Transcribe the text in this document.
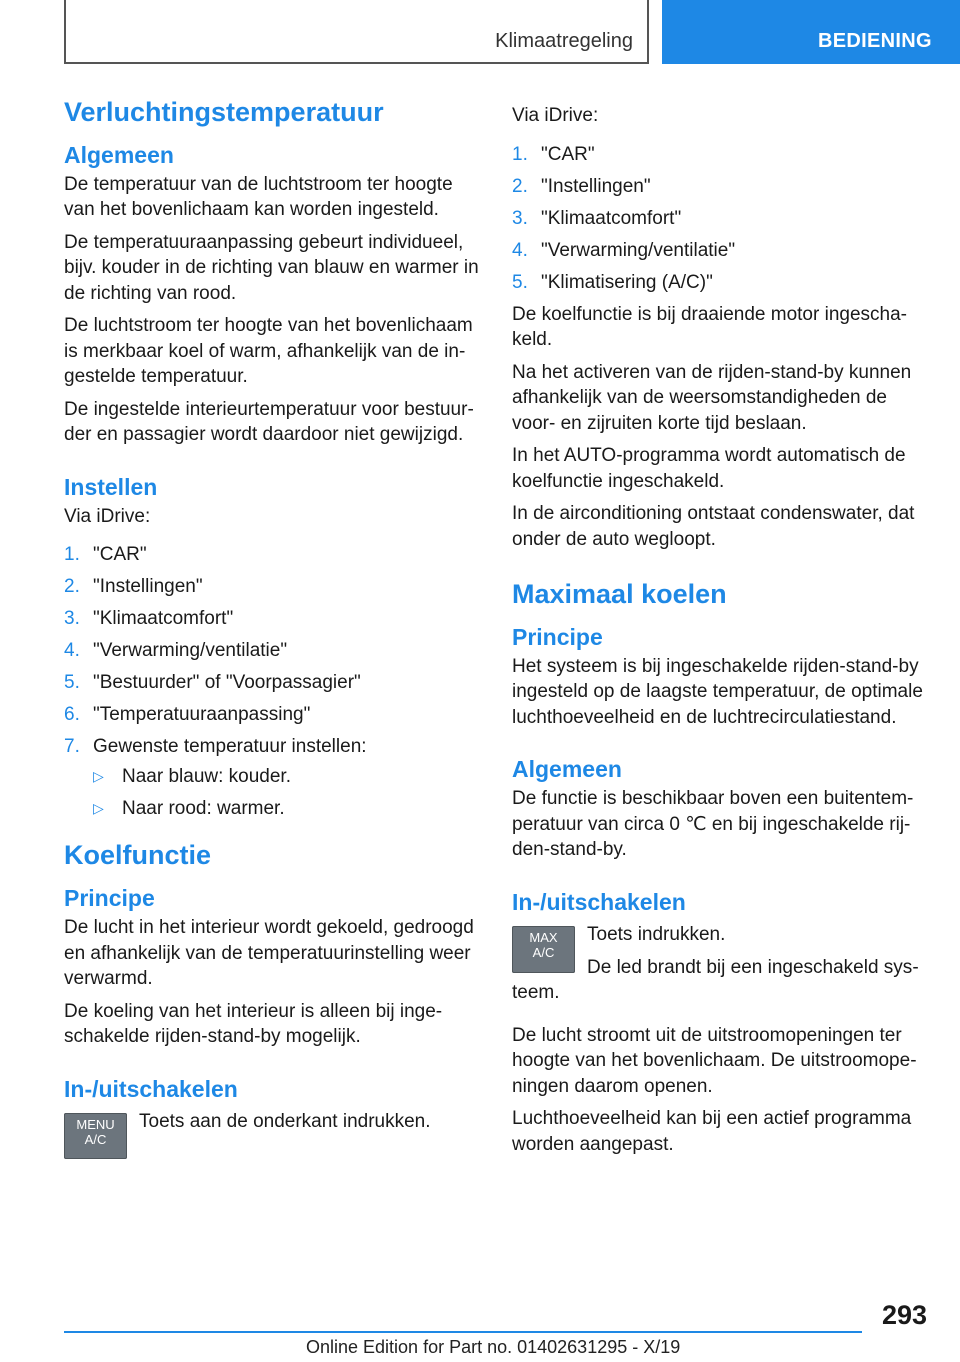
Klimaatregeling	BEDIENING
Verluchtingstemperatuur
Algemeen

De temperatuur van de luchtstroom ter hoogte van het bovenlichaam kan worden ingesteld.

De temperatuuraanpassing gebeurt individueel, bijv. kouder in de richting van blauw en warmer in de richting van rood.

De luchtstroom ter hoogte van het bovenlichaam is merkbaar koel of warm, afhankelijk van de ingestelde temperatuur.

De ingestelde interieurtemperatuur voor bestuurder en passagier wordt daardoor niet gewijzigd.

Instellen

Via iDrive:

1. "CAR"
2. "Instellingen"
3. "Klimaatcomfort"
4. "Verwarming/ventilatie"
5. "Bestuurder" of "Voorpassagier"
6. "Temperatuuraanpassing"
7. Gewenste temperatuur instellen:
▷ Naar blauw: kouder.
▷ Naar rood: warmer.
Koelfunctie
Principe

De lucht in het interieur wordt gekoeld, gedroogd en afhankelijk van de temperatuurinstelling weer verwarmd.

De koeling van het interieur is alleen bij ingeschakelde rijden-stand-by mogelijk.

In-/uitschakelen
MENU
A/C

Toets aan de onderkant indrukken.

Via iDrive:

1. "CAR"
2. "Instellingen"
3. "Klimaatcomfort"
4. "Verwarming/ventilatie"
5. "Klimatisering (A/C)"

De koelfunctie is bij draaiende motor ingeschakeld.

Na het activeren van de rijden-stand-by kunnen afhankelijk van de weersomstandigheden de voor- en zijruiten korte tijd beslaan.

In het AUTO-programma wordt automatisch de koelfunctie ingeschakeld.

In de airconditioning ontstaat condenswater, dat onder de auto wegloopt.

Maximaal koelen
Principe

Het systeem is bij ingeschakelde rijden-stand-by ingesteld op de laagste temperatuur, de optimale luchthoeveelheid en de luchtrecirculatiestand.

Algemeen

De functie is beschikbaar boven een buitentemperatuur van circa 0 ℃ en bij ingeschakelde rijden-stand-by.

In-/uitschakelen
MAX
A/C

Toets indrukken.

De led brandt bij een ingeschakeld systeem.

De lucht stroomt uit de uitstroomopeningen ter hoogte van het bovenlichaam. De uitstroomopeningen daarom openen.

Luchthoeveelheid kan bij een actief programma worden aangepast.

293
Online Edition for Part no. 01402631295 - X/19
